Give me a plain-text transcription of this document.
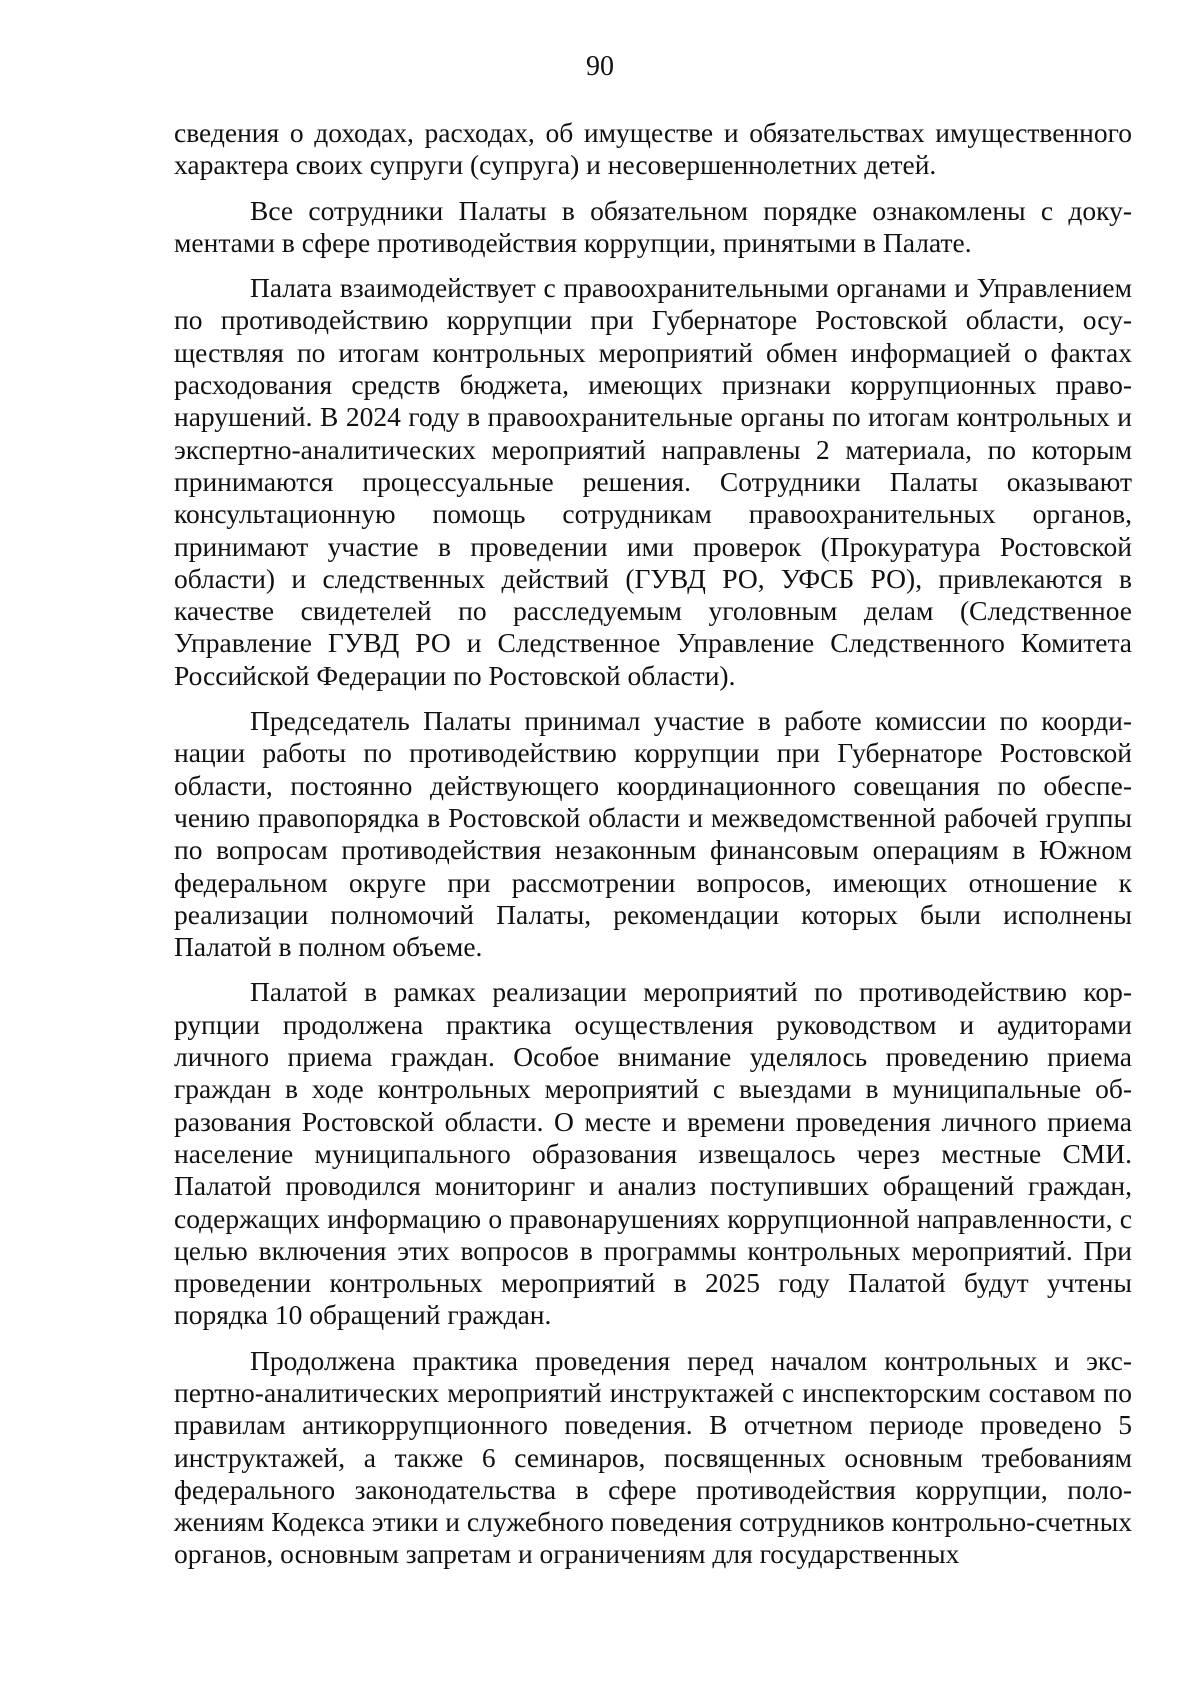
90

сведения о доходах, расходах, об имуществе и обязательствах имущественного характера своих супруги (супруга) и несовершеннолетних детей.

Все сотрудники Палаты в обязательном порядке ознакомлены с документами в сфере противодействия коррупции, принятыми в Палате.

Палата взаимодействует с правоохранительными органами и Управлением по противодействию коррупции при Губернаторе Ростовской области, осуществляя по итогам контрольных мероприятий обмен информацией о фактах расходования средств бюджета, имеющих признаки коррупционных правонарушений. В 2024 году в правоохранительные органы по итогам контрольных и экспертно-аналитических мероприятий направлены 2 материала, по которым принимаются процессуальные решения. Сотрудники Палаты оказывают консультационную помощь сотрудникам правоохранительных органов, принимают участие в проведении ими проверок (Прокуратура Ростовской области) и следственных действий (ГУВД РО, УФСБ РО), привлекаются в качестве свидетелей по расследуемым уголовным делам (Следственное Управление ГУВД РО и Следственное Управление Следственного Комитета Российской Федерации по Ростовской области).

Председатель Палаты принимал участие в работе комиссии по координации работы по противодействию коррупции при Губернаторе Ростовской области, постоянно действующего координационного совещания по обеспечению правопорядка в Ростовской области и межведомственной рабочей группы по вопросам противодействия незаконным финансовым операциям в Южном федеральном округе при рассмотрении вопросов, имеющих отношение к реализации полномочий Палаты, рекомендации которых были исполнены Палатой в полном объеме.

Палатой в рамках реализации мероприятий по противодействию коррупции продолжена практика осуществления руководством и аудиторами личного приема граждан. Особое внимание уделялось проведению приема граждан в ходе контрольных мероприятий с выездами в муниципальные образования Ростовской области. О месте и времени проведения личного приема население муниципального образования извещалось через местные СМИ. Палатой проводился мониторинг и анализ поступивших обращений граждан, содержащих информацию о правонарушениях коррупционной направленности, с целью включения этих вопросов в программы контрольных мероприятий. При проведении контрольных мероприятий в 2025 году Палатой будут учтены порядка 10 обращений граждан.

Продолжена практика проведения перед началом контрольных и экспертно-аналитических мероприятий инструктажей с инспекторским составом по правилам антикоррупционного поведения. В отчетном периоде проведено 5 инструктажей, а также 6 семинаров, посвященных основным требованиям федерального законодательства в сфере противодействия коррупции, положениям Кодекса этики и служебного поведения сотрудников контрольно-счетных органов, основным запретам и ограничениям для государственных
